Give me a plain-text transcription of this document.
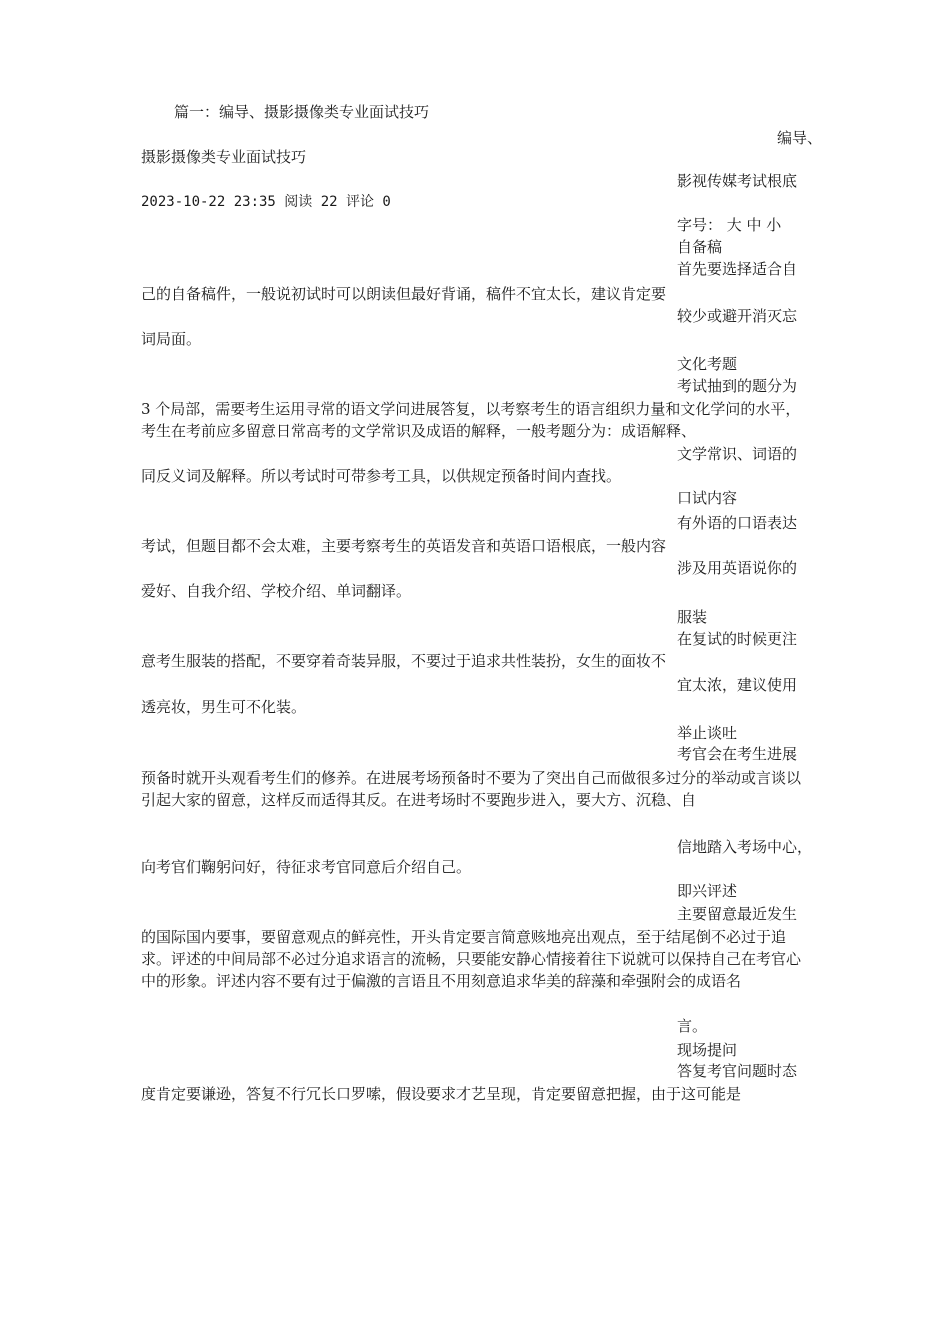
篇一：编导、摄影摄像类专业面试技巧
编导、
摄影摄像类专业面试技巧
影视传媒考试根底
2023-10-22 23:35 阅读 22 评论 0
字号： 大 中 小
自备稿
首先要选择适合自
己的自备稿件，一般说初试时可以朗读但最好背诵，稿件不宜太长，建议肯定要
较少或避开消灭忘
词局面。
文化考题
考试抽到的题分为
3 个局部，需要考生运用寻常的语文学问进展答复，以考察考生的语言组织力量和文化学问的水平，考生在考前应多留意日常高考的文学常识及成语的解释，一般考题分为：成语解释、
文学常识、词语的
同反义词及解释。所以考试时可带参考工具，以供规定预备时间内查找。
口试内容
有外语的口语表达
考试，但题目都不会太难，主要考察考生的英语发音和英语口语根底，一般内容
涉及用英语说你的
爱好、自我介绍、学校介绍、单词翻译。
服装
在复试的时候更注
意考生服装的搭配，不要穿着奇装异服，不要过于追求共性装扮，女生的面妆不
宜太浓，建议使用
透亮妆，男生可不化装。
举止谈吐
考官会在考生进展
预备时就开头观看考生们的修养。在进展考场预备时不要为了突出自己而做很多过分的举动或言谈以引起大家的留意，这样反而适得其反。在进考场时不要跑步进入，要大方、沉稳、自
信地踏入考场中心，
向考官们鞠躬问好，待征求考官同意后介绍自己。
即兴评述
主要留意最近发生
的国际国内要事，要留意观点的鲜亮性，开头肯定要言简意赅地亮出观点，至于结尾倒不必过于追求。评述的中间局部不必过分追求语言的流畅，只要能安静心情接着往下说就可以保持自己在考官心中的形象。评述内容不要有过于偏激的言语且不用刻意追求华美的辞藻和牵强附会的成语名
言。
现场提问
答复考官问题时态
度肯定要谦逊，答复不行冗长口罗嗦，假设要求才艺呈现，肯定要留意把握，由于这可能是
